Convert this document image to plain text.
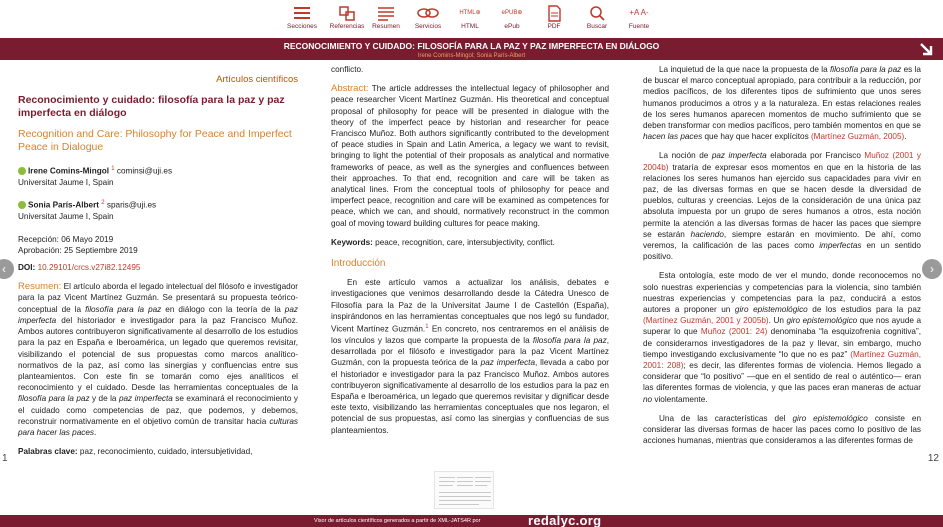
Secciones	Referencias	Resumen	Servicios
HTML⊕
HTML
ePUB⊕
ePub	PDF	Buscar
+A A-
Fuente
RECONOCIMIENTO Y CUIDADO: FILOSOFÍA PARA LA PAZ Y PAZ IMPERFECTA EN DIÁLOGO
Irene Comins-Mingol; Sonia París-Albert
Artículos científicos
Reconocimiento y cuidado: filosofía para la paz y paz imperfecta en diálogo
Recognition and Care: Philosophy for Peace and Imperfect Peace in Dialogue
Irene Comins-Mingol $^1$ cominsi@uji.es
Universitat Jaume I, Spain
Sonia París-Albert $^2$ sparis@uji.es
Universitat Jaume I, Spain
Recepción: 06 Mayo 2019
Aprobación: 25 Septiembre 2019
DOI: 10.29101/crcs.v27i82.12495
Resumen: El artículo aborda el legado intelectual del filósofo e investigador para la paz Vicent Martínez Guzmán. Se presentará su propuesta teórico-conceptual de la filosofía para la paz en diálogo con la teoría de la paz imperfecta del historiador e investigador para la paz Francisco Muñoz. Ambos autores contribuyeron significativamente al desarrollo de los estudios para la paz en España e Iberoamérica, un legado que queremos revisitar, visibilizando el potencial de sus propuestas como marcos analítico-normativos de la paz, así como las sinergias y confluencias entre sus planteamientos. Con este fin se tomarán como ejes analíticos el reconocimiento y el cuidado. Desde las herramientas conceptuales de la filosofía para la paz y de la paz imperfecta se examinará el reconocimiento y el cuidado como competencias de paz, que podemos, y debemos, reconstruir normativamente en el objetivo común de transitar hacia culturas para hacer las paces.
Palabras clave: paz, reconocimiento, cuidado, intersubjetividad,
conflicto.
Abstract: The article addresses the intellectual legacy of philosopher and peace researcher Vicent Martínez Guzmán. His theoretical and conceptual proposal of philosophy for peace will be presented in dialogue with the theory of the imperfect peace by historian and researcher for peace Francisco Muñoz. Both authors significantly contributed to the development of peace studies in Spain and Latin America, a legacy we want to revisit, bringing to light the potential of their proposals as analytical and normative frameworks of peace, as well as the synergies and confluences between their approaches. To that end, recognition and care will be taken as analytical lines. From the conceptual tools of philosophy for peace and imperfect peace, recognition and care will be examined as competences for peace, which we can, and should, normatively reconstruct in the common goal of moving toward building cultures for peace making.
Keywords: peace, recognition, care, intersubjectivity, conflict.
Introducción
En este artículo vamos a actualizar los análisis, debates e investigaciones que venimos desarrollando desde la Cátedra Unesco de Filosofía para la Paz de la Universitat Jaume I de Castellón (España), inspirándonos en las herramientas conceptuales que nos legó su fundador, Vicent Martínez Guzmán.$^1$ En concreto, nos centraremos en el análisis de los vínculos y lazos que comparte la propuesta de la filosofía para la paz, desarrollada por el filósofo e investigador para la paz Vicent Martínez Guzmán, con la propuesta teórica de la paz imperfecta, llevada a cabo por el historiador e investigador para la paz Francisco Muñoz. Ambos autores contribuyeron significativamente al desarrollo de los estudios para la paz en España e Iberoamérica, un legado que queremos revisitar y dignificar desde este texto, visibilizando las herramientas conceptuales que nos legaron, el potencial de sus propuestas, así como las sinergias y confluencias de sus planteamientos.
La inquietud de la que nace la propuesta de la filosofía para la paz es la de buscar el marco conceptual apropiado, para contribuir a la reducción, por medios pacíficos, de los diferentes tipos de sufrimiento que unos seres humanos producimos a otros y a la naturaleza. En estas relaciones reales de los seres humanos aparecen momentos de mucho sufrimiento que se deben transformar con medios pacíficos, pero también momentos en que se hacen las paces que hay que hacer explícitos (Martínez Guzmán, 2005).
La noción de paz imperfecta elaborada por Francisco Muñoz (2001 y 2004b) trataría de expresar esos momentos en que en la historia de las relaciones los seres humanos han ejercido sus capacidades para vivir en paz, de las diversas formas en que se hacen desde la diversidad de pueblos, culturas y creencias. Lejos de la consideración de una única paz absoluta impuesta por un grupo de seres humanos a otros, esta noción permite la atención a las diversas formas de hacer las paces que siempre se estarán haciendo, siempre estarán en movimiento. De ahí, como veremos, la calificación de las paces como imperfectas en un sentido positivo.
Esta ontología, este modo de ver el mundo, donde reconocemos no solo nuestras experiencias y competencias para la violencia, sino también nuestras experiencias y competencias para la paz, conducirá a estos autores a proponer un giro epistemológico de los estudios para la paz (Martínez Guzmán, 2001 y 2005b). Un giro epistemológico que nos ayude a superar lo que Muñoz (2001: 24) denominaba “la esquizofrenia cognitiva”, de considerarnos investigadores de la paz y llevar, sin embargo, mucho tiempo investigando exclusivamente “lo que no es paz” (Martínez Guzmán, 2001: 208); es decir, las diferentes formas de violencia. Hemos llegado a considerar que “lo positivo” —que en el sentido de real o auténtico— eran las diferentes formas de violencia, y que las paces eran maneras de actuar no violentamente.
Una de las características del giro epistemológico consiste en considerar las diversas formas de hacer las paces como lo positivo de las acciones humanas, mientras que consideramos a las diferentes formas de
‹	›
1	12
Visor de artículos científicos generados a partir de XML-JATS4R por	redalyc.org
